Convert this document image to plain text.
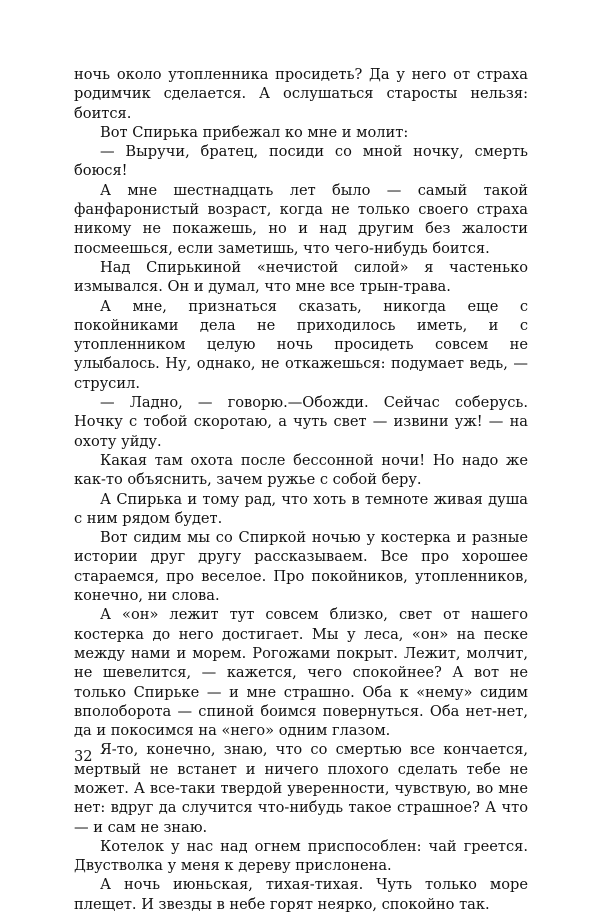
ночь около утопленника просидеть? Да у него от страха родимчик сделается. А ослушаться старосты нельзя: боится.

Вот Спирька прибежал ко мне и молит:

— Выручи, братец, посиди со мной ночку, смерть боюся!

А мне шестнадцать лет было — самый такой фанфаронистый возраст, когда не только своего страха никому не покажешь, но и над другим без жалости посмеешься, если заметишь, что чего-нибудь боится.

Над Спирькиной «нечистой силой» я частенько измывался. Он и думал, что мне все трын-трава.

А мне, признаться сказать, никогда еще с покойниками дела не приходилось иметь, и с утопленником целую ночь просидеть совсем не улыбалось. Ну, однако, не откажешься: подумает ведь, — струсил.

— Ладно, — говорю.—Обожди. Сейчас соберусь. Ночку с тобой скоротаю, а чуть свет — извини уж! — на охоту уйду.

Какая там охота после бессонной ночи! Но надо же как-то объяснить, зачем ружье с собой беру.

А Спирька и тому рад, что хоть в темноте живая душа с ним рядом будет.

Вот сидим мы со Спиркой ночью у костерка и разные истории друг другу рассказываем. Все про хорошее стараемся, про веселое. Про покойников, утопленников, конечно, ни слова.

А «он» лежит тут совсем близко, свет от нашего костерка до него достигает. Мы у леса, «он» на песке между нами и морем. Рогожами покрыт. Лежит, молчит, не шевелится, — кажется, чего спокойнее? А вот не только Спирьке — и мне страшно. Оба к «нему» сидим вполоборота — спиной боимся повернуться. Оба нет-нет, да и покосимся на «него» одним глазом.

Я-то, конечно, знаю, что со смертью все кончается, мертвый не встанет и ничего плохого сделать тебе не может. А все-таки твердой уверенности, чувствую, во мне нет: вдруг да случится что-нибудь такое страшное? А что — и сам не знаю.

Котелок у нас над огнем приспособлен: чай греется. Двустволка у меня к дереву прислонена.

А ночь июньская, тихая-тихая. Чуть только море плещет. И звезды в небе горят неярко, спокойно так.

32
